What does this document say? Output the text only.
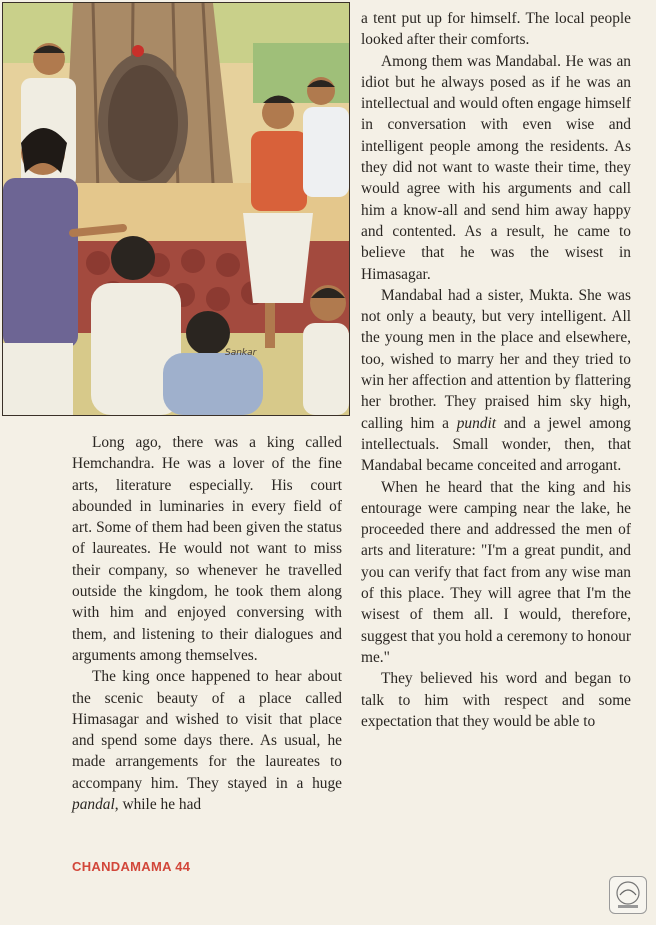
Sankar

Long ago, there was a king called Hemchandra. He was a lover of the fine arts, literature especially. His court abounded in luminaries in every field of art. Some of them had been given the status of laureates. He would not want to miss their company, so whenever he travelled outside the kingdom, he took them along with him and enjoyed conversing with them, and listening to their dialogues and arguments among themselves.

The king once happened to hear about the scenic beauty of a place called Himasagar and wished to visit that place and spend some days there. As usual, he made arrangements for the laureates to accompany him. They stayed in a huge pandal, while he had

a tent put up for himself. The local people looked after their comforts.

Among them was Mandabal. He was an idiot but he always posed as if he was an intellectual and would often engage himself in conversation with even wise and intelligent people among the residents. As they did not want to waste their time, they would agree with his arguments and call him a know-all and send him away happy and contented. As a result, he came to believe that he was the wisest in Himasagar.

Mandabal had a sister, Mukta. She was not only a beauty, but very intelligent. All the young men in the place and elsewhere, too, wished to marry her and they tried to win her affection and attention by flattering her brother. They praised him sky high, calling him a pundit and a jewel among intellectuals. Small wonder, then, that Mandabal became conceited and arrogant.

When he heard that the king and his entourage were camping near the lake, he proceeded there and addressed the men of arts and literature: "I'm a great pundit, and you can verify that fact from any wise man of this place. They will agree that I'm the wisest of them all. I would, therefore, suggest that you hold a ceremony to honour me."

They believed his word and began to talk to him with respect and some expectation that they would be able to

CHANDAMAMA 44
